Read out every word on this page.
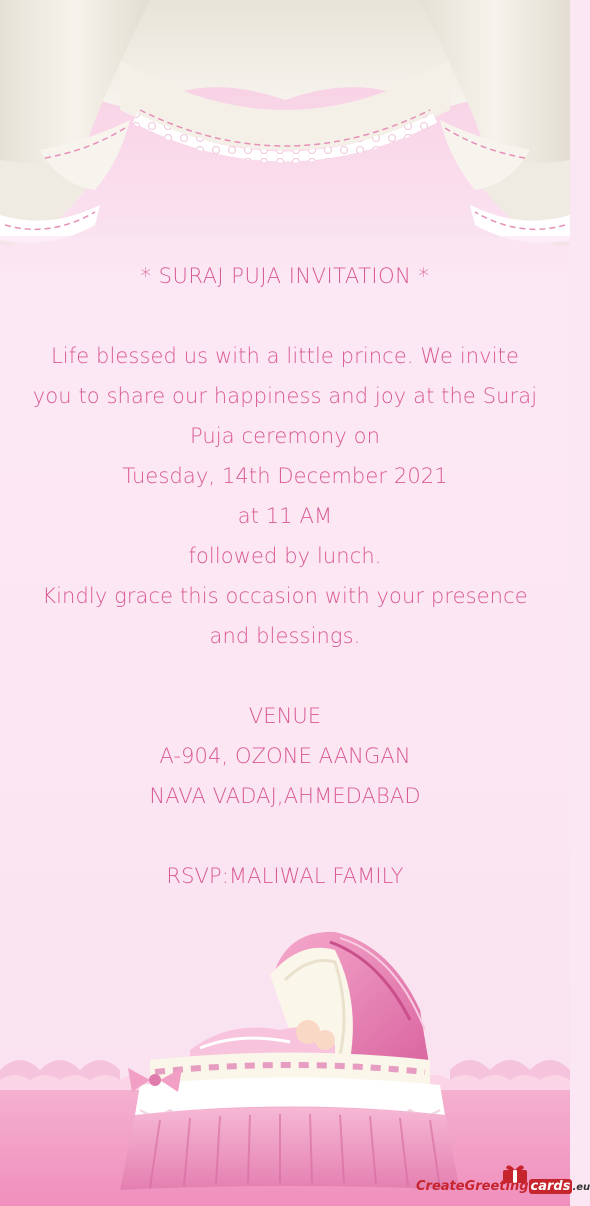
* SURAJ PUJA INVITATION *
Life blessed us with a little prince. We invite
you to share our happiness and joy at the Suraj
Puja ceremony on
Tuesday, 14th December 2021
at 11 AM
followed by lunch.
Kindly grace this occasion with your presence
and blessings.
VENUE
A-904, OZONE AANGAN
NAVA VADAJ,AHMEDABAD
RSVP:MALIWAL FAMILY
CreateGreeting cards .eu
